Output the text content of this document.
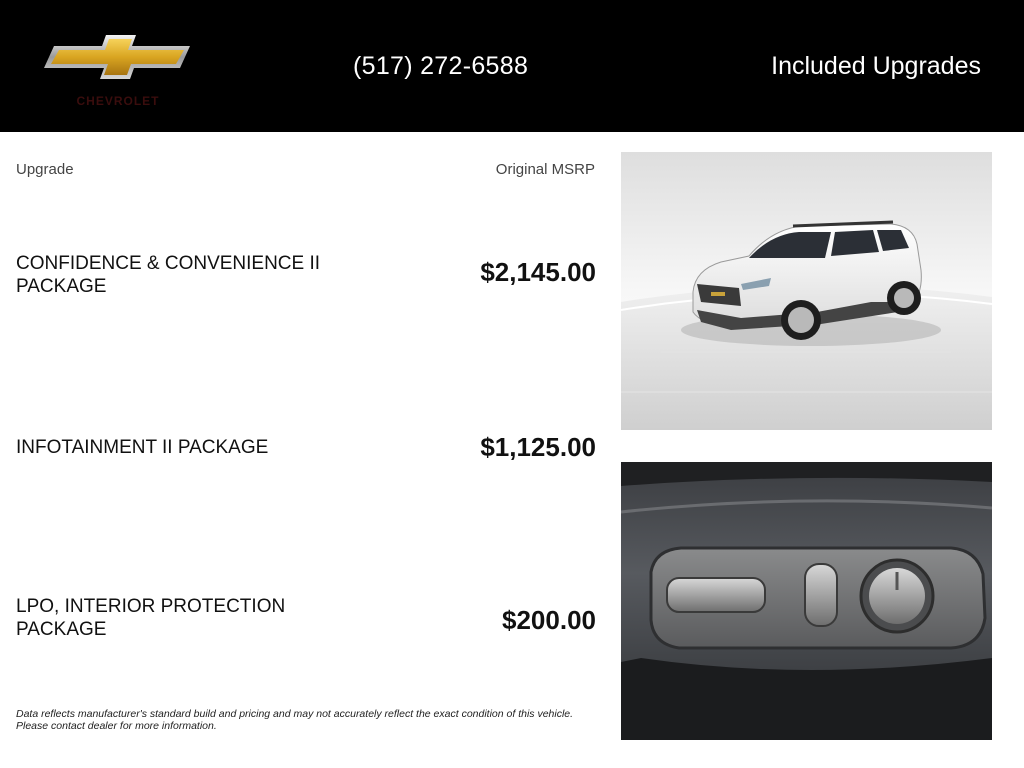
CHEVROLET
(517) 272-6588	Included Upgrades
Upgrade	Original MSRP
CONFIDENCE & CONVENIENCE II PACKAGE	$2,145.00
INFOTAINMENT II PACKAGE	$1,125.00
LPO, INTERIOR PROTECTION PACKAGE	$200.00
Data reflects manufacturer's standard build and pricing and may not accurately reflect the exact condition of this vehicle.
Please contact dealer for more information.
